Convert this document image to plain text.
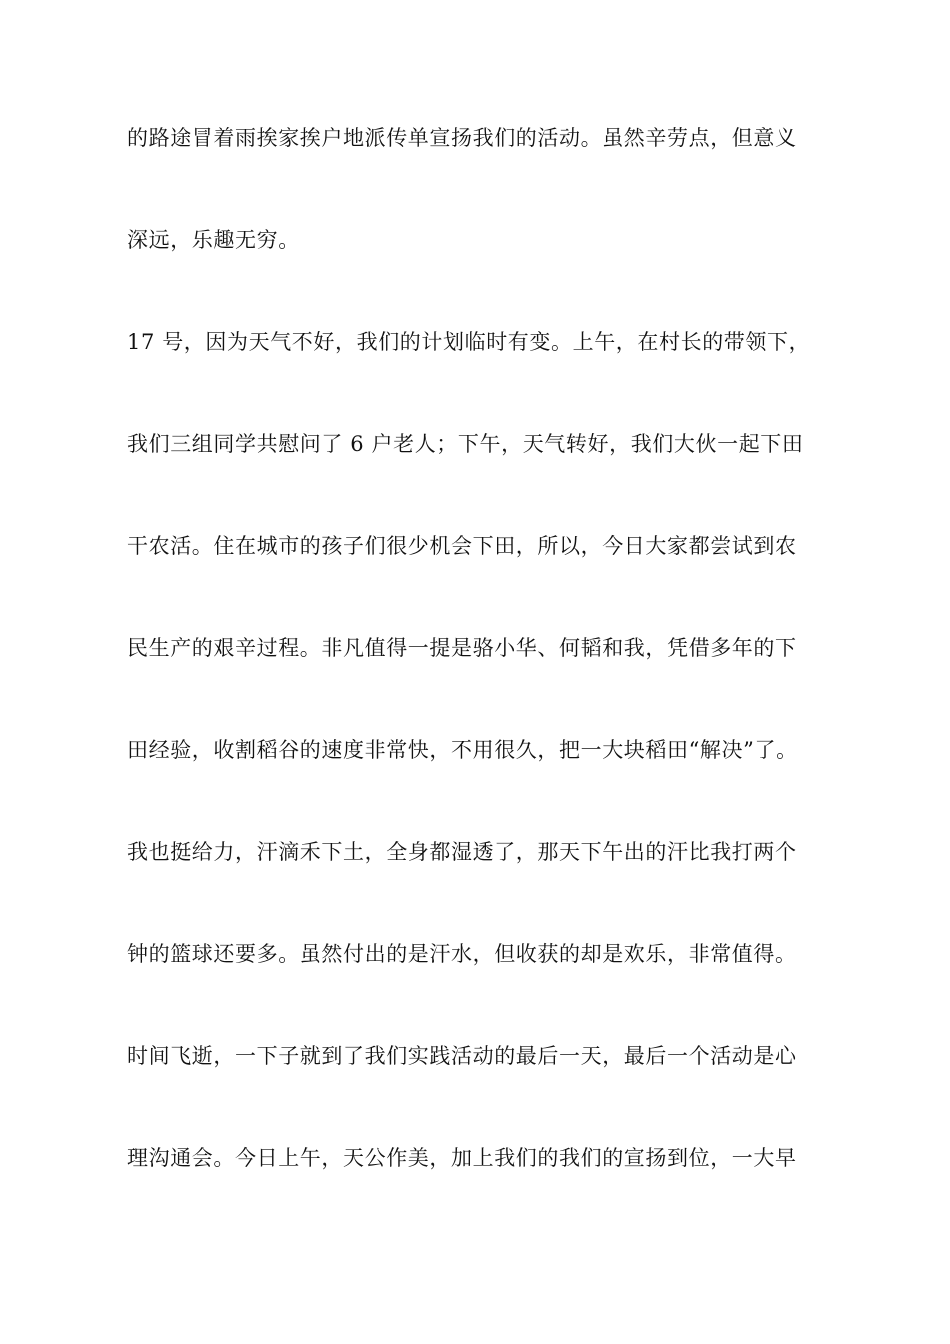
的路途冒着雨挨家挨户地派传单宣扬我们的活动。虽然辛劳点，但意义
深远，乐趣无穷。
17 号，因为天气不好，我们的计划临时有变。上午，在村长的带领下，
我们三组同学共慰问了 6 户老人；下午，天气转好，我们大伙一起下田
干农活。住在城市的孩子们很少机会下田，所以，今日大家都尝试到农
民生产的艰辛过程。非凡值得一提是骆小华、何韬和我，凭借多年的下
田经验，收割稻谷的速度非常快，不用很久，把一大块稻田“解决”了。
我也挺给力，汗滴禾下土，全身都湿透了，那天下午出的汗比我打两个
钟的篮球还要多。虽然付出的是汗水，但收获的却是欢乐，非常值得。
时间飞逝，一下子就到了我们实践活动的最后一天，最后一个活动是心
理沟通会。今日上午，天公作美，加上我们的我们的宣扬到位，一大早
